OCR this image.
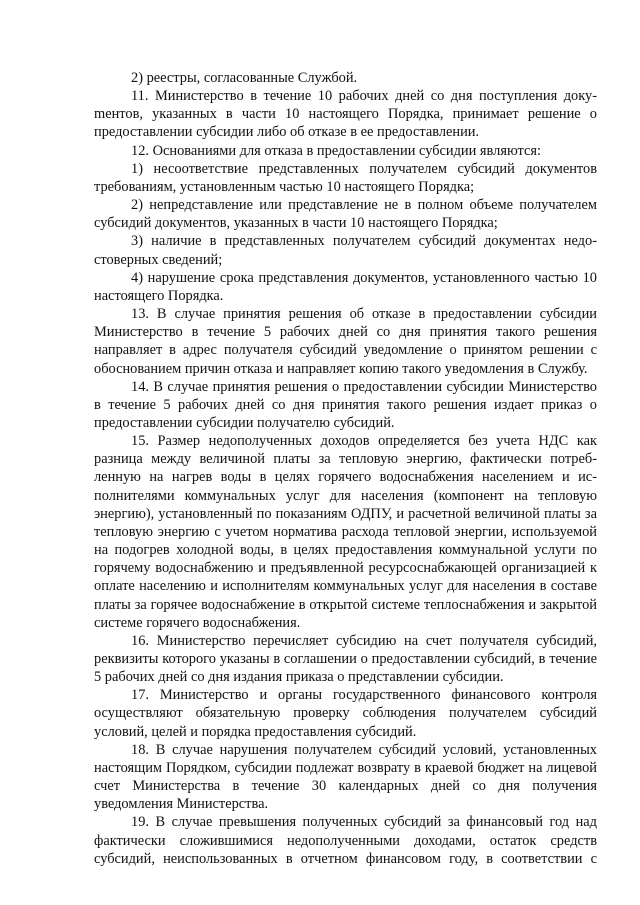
2) реестры, согласованные Службой.

11. Министерство в течение 10 рабочих дней со дня поступления докуmентов, указанных в части 10 настоящего Порядка, принимает решение о предоставлении субсидии либо об отказе в ее предоставлении.

12. Основаниями для отказа в предоставлении субсидии являются:

1) несоответствие представленных получателем субсидий документов требованиям, установленным частью 10 настоящего Порядка;

2) непредставление или представление не в полном объеме получателем субсидий документов, указанных в части 10 настоящего Порядка;

3) наличие в представленных получателем субсидий документах недостоверных сведений;

4) нарушение срока представления документов, установленного частью 10 настоящего Порядка.

13. В случае принятия решения об отказе в предоставлении субсидии Министерство в течение 5 рабочих дней со дня принятия такого решения направляет в адрес получателя субсидий уведомление о принятом решении с обоснованием причин отказа и направляет копию такого уведомления в Службу.

14. В случае принятия решения о предоставлении субсидии Министерство в течение 5 рабочих дней со дня принятия такого решения издает приказ о предоставлении субсидии получателю субсидий.

15. Размер недополученных доходов определяется без учета НДС как разница между величиной платы за тепловую энергию, фактически потребленную на нагрев воды в целях горячего водоснабжения населением и исполнителями коммунальных услуг для населения (компонент на тепловую энергию), установленный по показаниям ОДПУ, и расчетной величиной платы за тепловую энергию с учетом норматива расхода тепловой энергии, используемой на подогрев холодной воды, в целях предоставления коммунальной услуги по горячему водоснабжению и предъявленной ресурсоснабжающей организацией к оплате населению и исполнителям коммунальных услуг для населения в составе платы за горячее водоснабжение в открытой системе теплоснабжения и закрытой системе горячего водоснабжения.

16. Министерство перечисляет субсидию на счет получателя субсидий, реквизиты которого указаны в соглашении о предоставлении субсидий, в течение 5 рабочих дней со дня издания приказа о представлении субсидии.

17. Министерство и органы государственного финансового контроля осуществляют обязательную проверку соблюдения получателем субсидий условий, целей и порядка предоставления субсидий.

18. В случае нарушения получателем субсидий условий, установленных настоящим Порядком, субсидии подлежат возврату в краевой бюджет на лицевой счет Министерства в течение 30 календарных дней со дня получения уведомления Министерства.

19. В случае превышения полученных субсидий за финансовый год над фактически сложившимися недополученными доходами, остаток средств субсидий, неиспользованных в отчетном финансовом году, в соответствии с
